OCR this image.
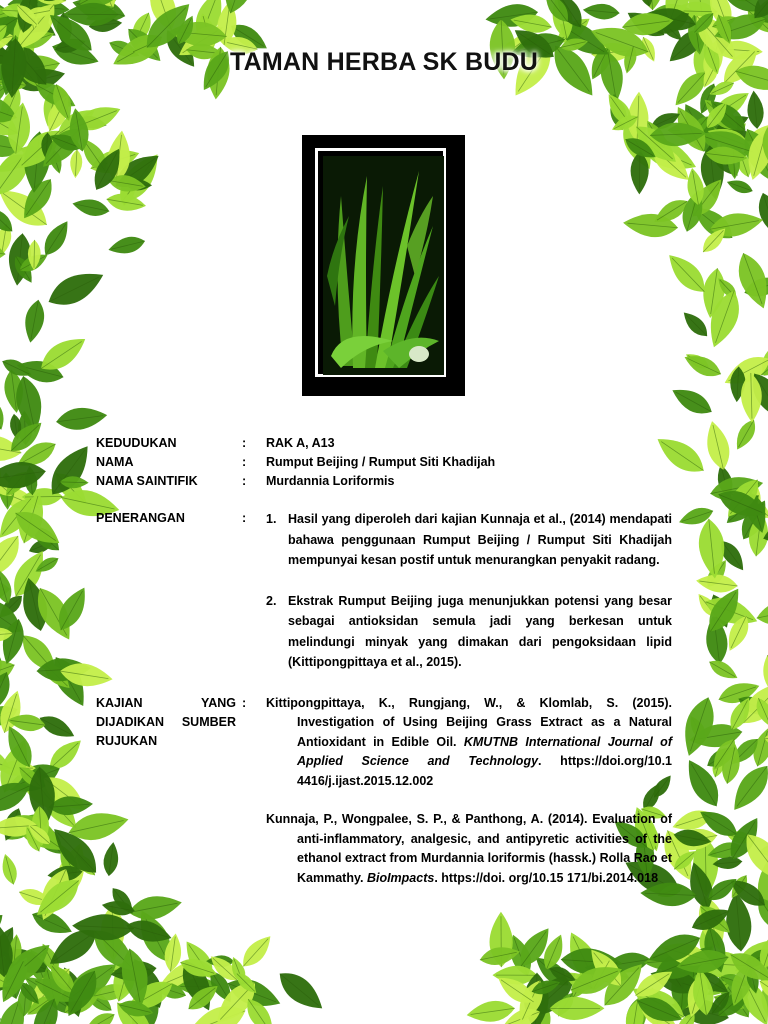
TAMAN HERBA SK BUDU
KEDUDUKAN	: RAK A, A13
NAMA	: Rumput Beijing / Rumput Siti Khadijah
NAMA SAINTIFIK	: Murdannia Loriformis
PENERANGAN	: 1. Hasil yang diperoleh dari kajian Kunnaja et al., (2014) mendapati bahawa penggunaan Rumput Beijing / Rumput Siti Khadijah mempunyai kesan postif untuk menurangkan penyakit radang.
2. Ekstrak Rumput Beijing juga menunjukkan potensi yang besar sebagai antioksidan semula jadi yang berkesan untuk melindungi minyak yang dimakan dari pengoksidaan lipid (Kittipongpittaya et al., 2015).
KAJIAN YANG DIJADIKAN SUMBER RUJUKAN
: Kittipongpittaya, K., Rungjang, W., & Klomlab, S. (2015). Investigation of Using Beijing Grass Extract as a Natural Antioxidant in Edible Oil. KMUTNB International Journal of Applied Science and Technology. https://doi.org/10.1 4416/j.ijast.2015.12.002
Kunnaja, P., Wongpalee, S. P., & Panthong, A. (2014). Evaluation of anti-inflammatory, analgesic, and antipyretic activities of the ethanol extract from Murdannia loriformis (hassk.) Rolla Rao et Kammathy. BioImpacts. https://doi. org/10.15 171/bi.2014.018
